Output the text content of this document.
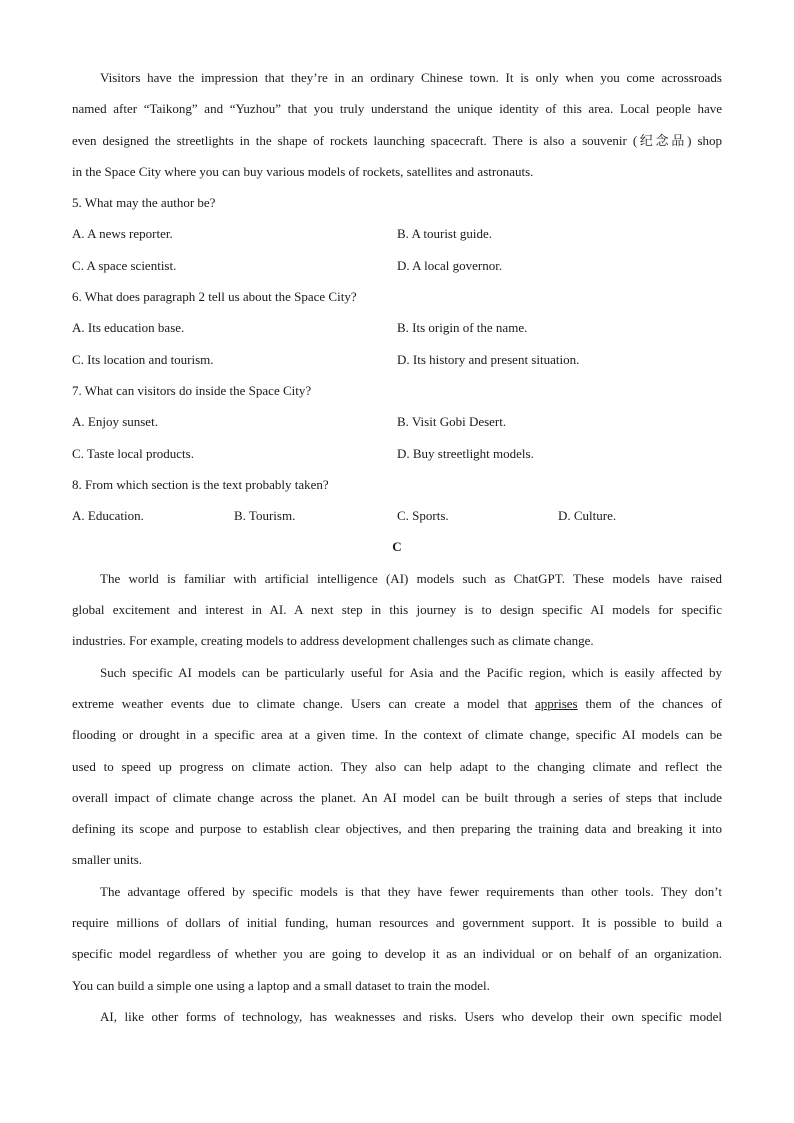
Visitors have the impression that they’re in an ordinary Chinese town. It is only when you come acrossroads
named after “Taikong” and “Yuzhou” that you truly understand the unique identity of this area. Local people have
even designed the streetlights in the shape of rockets launching spacecraft. There is also a souvenir (纪念品) shop
in the Space City where you can buy various models of rockets, satellites and astronauts.
5. What may the author be?
A. A news reporter.	B. A tourist guide.
C. A space scientist.	D. A local governor.
6. What does paragraph 2 tell us about the Space City?
A. Its education base.	B. Its origin of the name.
C. Its location and tourism.	D. Its history and present situation.
7. What can visitors do inside the Space City?
A. Enjoy sunset.	B. Visit Gobi Desert.
C. Taste local products.	D. Buy streetlight models.
8. From which section is the text probably taken?
A. Education.	B. Tourism.	C. Sports.	D. Culture.
C
The world is familiar with artificial intelligence (AI) models such as ChatGPT. These models have raised
global excitement and interest in AI. A next step in this journey is to design specific AI models for specific
industries. For example, creating models to address development challenges such as climate change.
Such specific AI models can be particularly useful for Asia and the Pacific region, which is easily affected by
extreme weather events due to climate change. Users can create a model that apprises them of the chances of
flooding or drought in a specific area at a given time. In the context of climate change, specific AI models can be
used to speed up progress on climate action. They also can help adapt to the changing climate and reflect the
overall impact of climate change across the planet. An AI model can be built through a series of steps that include
defining its scope and purpose to establish clear objectives, and then preparing the training data and breaking it into
smaller units.
The advantage offered by specific models is that they have fewer requirements than other tools. They don’t
require millions of dollars of initial funding, human resources and government support. It is possible to build a
specific model regardless of whether you are going to develop it as an individual or on behalf of an organization.
You can build a simple one using a laptop and a small dataset to train the model.
AI, like other forms of technology, has weaknesses and risks. Users who develop their own specific model
